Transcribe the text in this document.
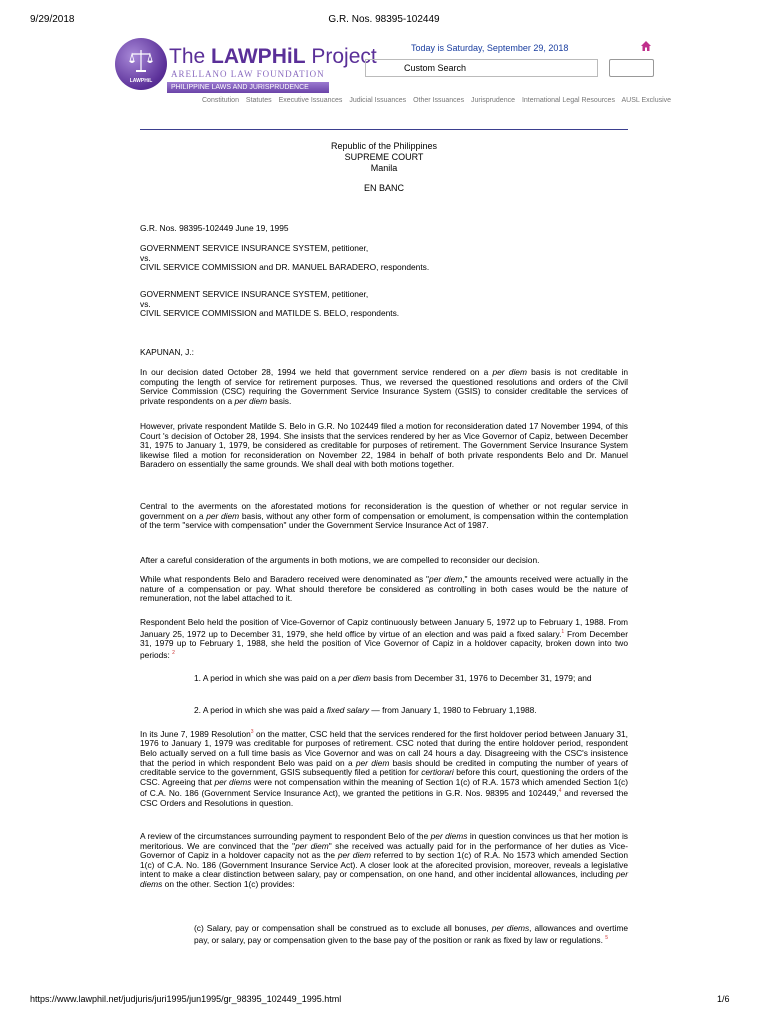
9/29/2018	G.R. Nos. 98395-102449
LAWPHiL
The LAWPHiL Project
ARELLANO LAW FOUNDATION
PHILIPPINE LAWS AND JURISPRUDENCE DATABANK
Today is Saturday, September 29, 2018
Custom Search
Constitution Statutes Executive Issuances Judicial Issuances Other Issuances Jurisprudence International Legal Resources AUSL Exclusive
Republic of the Philippines
SUPREME COURT
Manila
EN BANC
G.R. Nos. 98395-102449 June 19, 1995
GOVERNMENT SERVICE INSURANCE SYSTEM, petitioner,
vs.
CIVIL SERVICE COMMISSION and DR. MANUEL BARADERO, respondents.
GOVERNMENT SERVICE INSURANCE SYSTEM, petitioner,
vs.
CIVIL SERVICE COMMISSION and MATILDE S. BELO, respondents.
KAPUNAN, J.:

In our decision dated October 28, 1994 we held that government service rendered on a per diem basis is not creditable in computing the length of service for retirement purposes. Thus, we reversed the questioned resolutions and orders of the Civil Service Commission (CSC) requiring the Government Service Insurance System (GSIS) to consider creditable the services of private respondents on a per diem basis.

However, private respondent Matilde S. Belo in G.R. No 102449 filed a motion for reconsideration dated 17 November 1994, of this Court 's decision of October 28, 1994. She insists that the services rendered by her as Vice Governor of Capiz, between December 31, 1975 to January 1, 1979, be considered as creditable for purposes of retirement. The Government Service Insurance System likewise filed a motion for reconsideration on November 22, 1984 in behalf of both private respondents Belo and Dr. Manuel Baradero on essentially the same grounds. We shall deal with both motions together.

Central to the averments on the aforestated motions for reconsideration is the question of whether or not regular service in government on a per diem basis, without any other form of compensation or emolument, is compensation within the contemplation of the term "service with compensation" under the Government Service Insurance Act of 1987.

After a careful consideration of the arguments in both motions, we are compelled to reconsider our decision.

While what respondents Belo and Baradero received were denominated as "per diem," the amounts received were actually in the nature of a compensation or pay. What should therefore be considered as controlling in both cases would be the nature of remuneration, not the label attached to it.

Respondent Belo held the position of Vice-Governor of Capiz continuously between January 5, 1972 up to February 1, 1988. From January 25, 1972 up to December 31, 1979, she held office by virtue of an election and was paid a fixed salary.$^1$ From December 31, 1979 up to February 1, 1988, she held the position of Vice Governor of Capiz in a holdover capacity, broken down into two periods: $^2$

1. A period in which she was paid on a per diem basis from December 31, 1976 to December 31, 1979; and

2. A period in which she was paid a fixed salary — from January 1, 1980 to February 1,1988.

In its June 7, 1989 Resolution$^3$ on the matter, CSC held that the services rendered for the first holdover period between January 31, 1976 to January 1, 1979 was creditable for purposes of retirement. CSC noted that during the entire holdover period, respondent Belo actually served on a full time basis as Vice Governor and was on call 24 hours a day. Disagreeing with the CSC's insistence that the period in which respondent Belo was paid on a per diem basis should be credited in computing the number of years of creditable service to the government, GSIS subsequently filed a petition for certiorari before this court, questioning the orders of the CSC. Agreeing that per diems were not compensation within the meaning of Section 1(c) of R.A. 1573 which amended Section 1(c) of C.A. No. 186 (Government Service Insurance Act), we granted the petitions in G.R. Nos. 98395 and 102449,$^4$ and reversed the CSC Orders and Resolutions in question.

A review of the circumstances surrounding payment to respondent Belo of the per diems in question convinces us that her motion is meritorious. We are convinced that the "per diem" she received was actually paid for in the performance of her duties as Vice-Governor of Capiz in a holdover capacity not as the per diem referred to by section 1(c) of R.A. No 1573 which amended Section 1(c) of C.A. No. 186 (Government Insurance Service Act). A closer look at the aforecited provision, moreover, reveals a legislative intent to make a clear distinction between salary, pay or compensation, on one hand, and other incidental allowances, including per diems on the other. Section 1(c) provides:

(c) Salary, pay or compensation shall be construed as to exclude all bonuses, per diems, allowances and overtime pay, or salary, pay or compensation given to the base pay of the position or rank as fixed by law or regulations. $^5$

https://www.lawphil.net/judjuris/juri1995/jun1995/gr_98395_102449_1995.html	1/6
